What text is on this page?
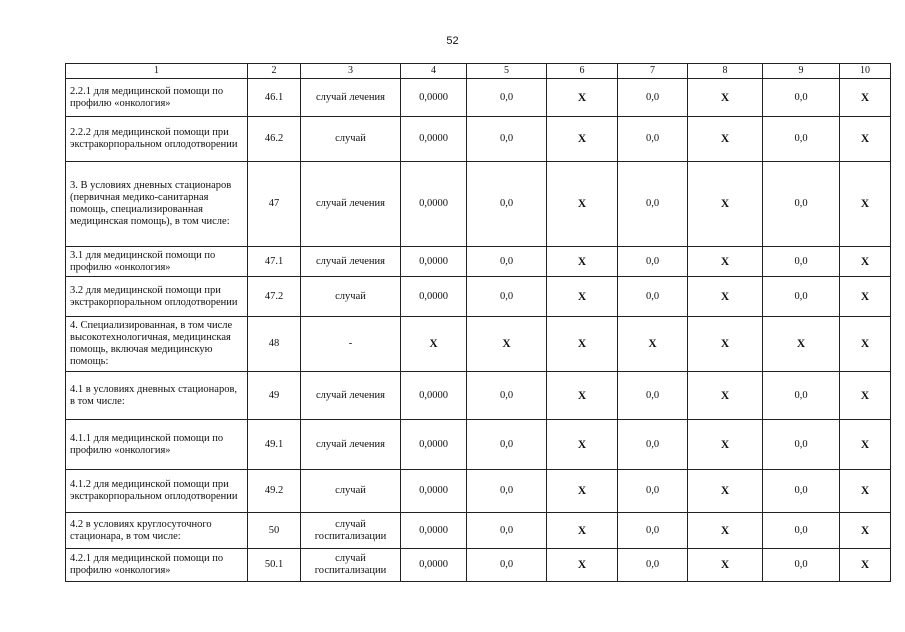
52
1	2	3	4	5	6	7	8	9	10
2.2.1 для медицинской помощи по профилю «онкология»	46.1	случай лечения	0,0000	0,0	X	0,0	X	0,0	X
2.2.2 для медицинской помощи при экстракорпоральном оплодотворении	46.2	случай	0,0000	0,0	X	0,0	X	0,0	X
3. В условиях дневных стационаров (первичная медико-санитарная помощь, специализированная медицинская помощь), в том числе:	47	случай лечения	0,0000	0,0	X	0,0	X	0,0	X
3.1 для медицинской помощи по профилю «онкология»	47.1	случай лечения	0,0000	0,0	X	0,0	X	0,0	X
3.2 для медицинской помощи при экстракорпоральном оплодотворении	47.2	случай	0,0000	0,0	X	0,0	X	0,0	X
4. Специализированная, в том числе высокотехнологичная, медицинская помощь, включая медицинскую помощь:	48	-	X	X	X	X	X	X	X
4.1 в условиях дневных стационаров, в том числе:	49	случай лечения	0,0000	0,0	X	0,0	X	0,0	X
4.1.1 для медицинской помощи по профилю «онкология»	49.1	случай лечения	0,0000	0,0	X	0,0	X	0,0	X
4.1.2 для медицинской помощи при экстракорпоральном оплодотворении	49.2	случай	0,0000	0,0	X	0,0	X	0,0	X
4.2 в условиях круглосуточного стационара, в том числе:	50	случай госпитализации	0,0000	0,0	X	0,0	X	0,0	X
4.2.1 для медицинской помощи по профилю «онкология»	50.1	случай госпитализации	0,0000	0,0	X	0,0	X	0,0	X
